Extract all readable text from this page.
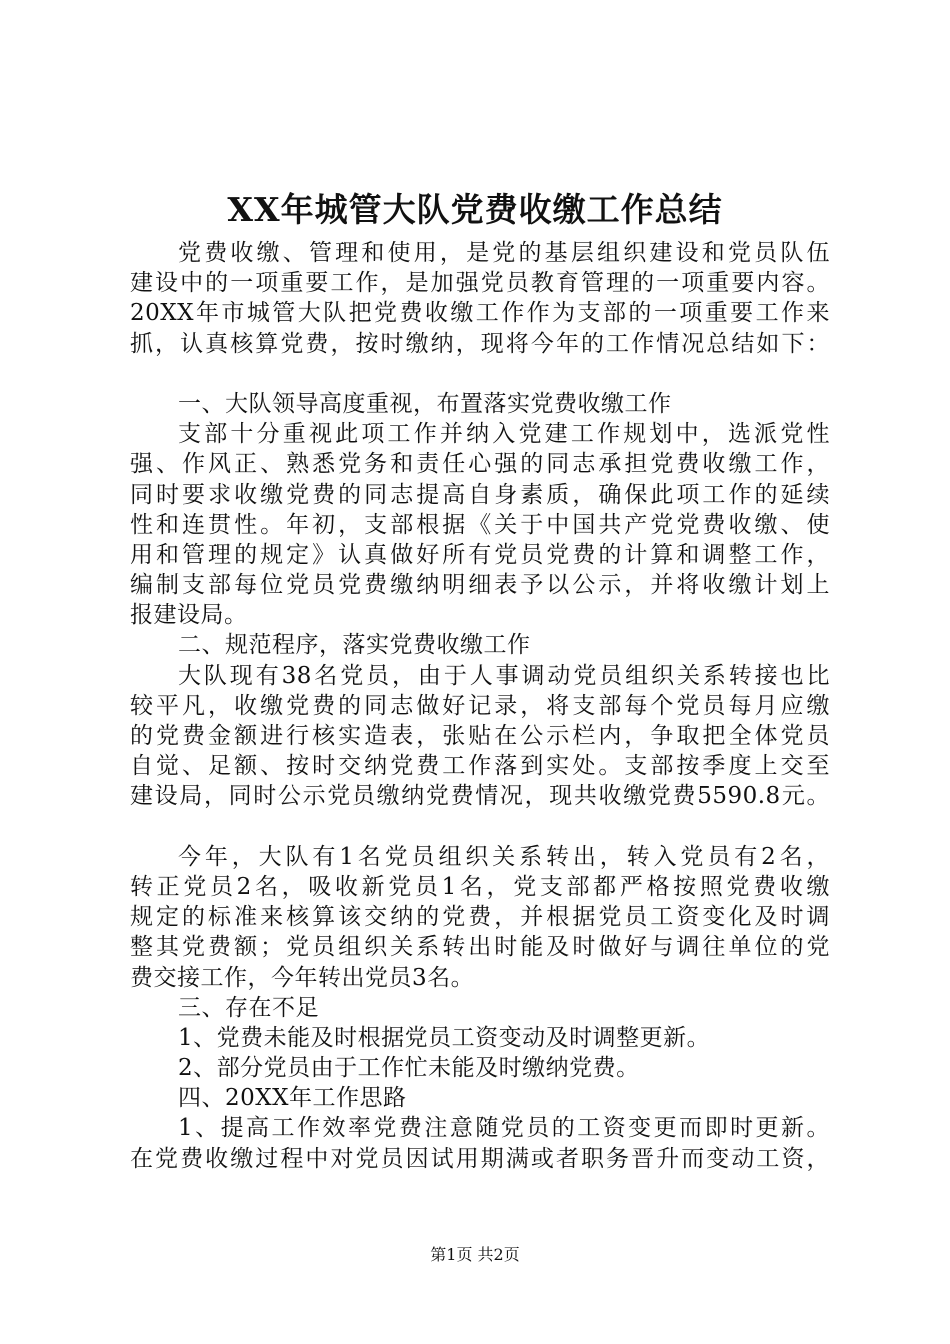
XX年城管大队党费收缴工作总结
党费收缴、管理和使用，是党的基层组织建设和党员队伍
建设中的一项重要工作，是加强党员教育管理的一项重要内容。
20XX年市城管大队把党费收缴工作作为支部的一项重要工作来
抓，认真核算党费，按时缴纳，现将今年的工作情况总结如下：
一、大队领导高度重视，布置落实党费收缴工作
支部十分重视此项工作并纳入党建工作规划中，选派党性
强、作风正、熟悉党务和责任心强的同志承担党费收缴工作，
同时要求收缴党费的同志提高自身素质，确保此项工作的延续
性和连贯性。年初，支部根据《关于中国共产党党费收缴、使
用和管理的规定》认真做好所有党员党费的计算和调整工作，
编制支部每位党员党费缴纳明细表予以公示，并将收缴计划上
报建设局。
二、规范程序，落实党费收缴工作
大队现有38名党员，由于人事调动党员组织关系转接也比
较平凡，收缴党费的同志做好记录，将支部每个党员每月应缴
的党费金额进行核实造表，张贴在公示栏内，争取把全体党员
自觉、足额、按时交纳党费工作落到实处。支部按季度上交至
建设局，同时公示党员缴纳党费情况，现共收缴党费5590.8元。
今年，大队有1名党员组织关系转出，转入党员有2名，
转正党员2名，吸收新党员1名，党支部都严格按照党费收缴
规定的标准来核算该交纳的党费，并根据党员工资变化及时调
整其党费额；党员组织关系转出时能及时做好与调往单位的党
费交接工作，今年转出党员3名。
三、存在不足
1、党费未能及时根据党员工资变动及时调整更新。
2、部分党员由于工作忙未能及时缴纳党费。
四、20XX年工作思路
1、提高工作效率党费注意随党员的工资变更而即时更新。
在党费收缴过程中对党员因试用期满或者职务晋升而变动工资，
第1页 共2页
